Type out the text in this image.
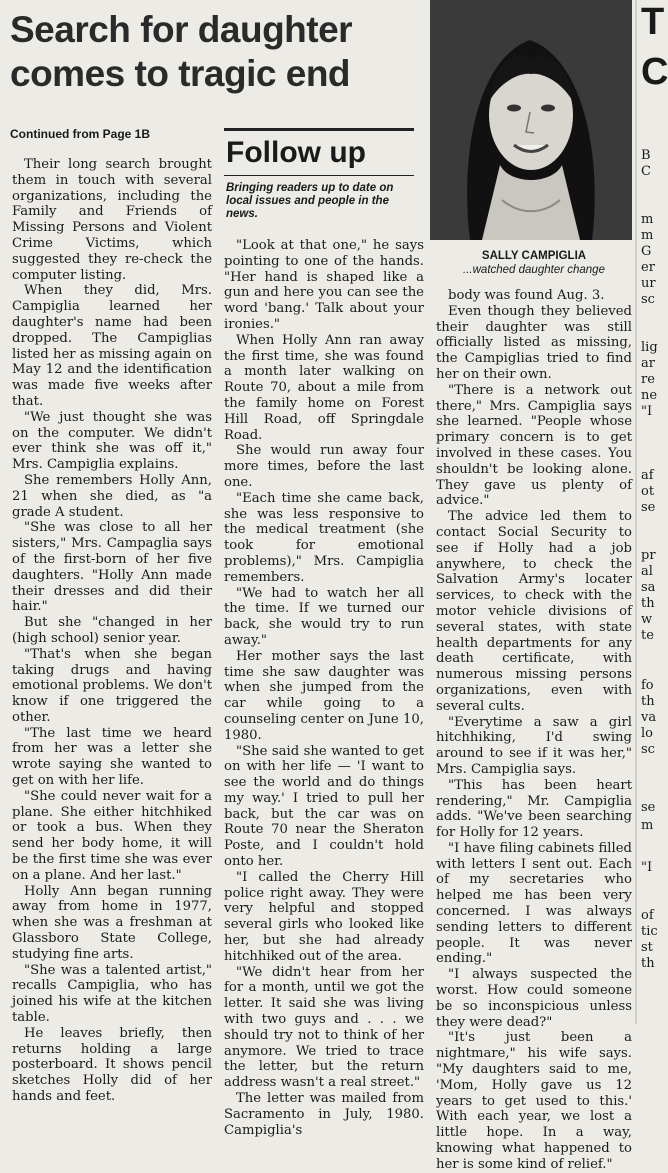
Search for daughter comes to tragic end
Continued from Page 1B

Their long search brought them in touch with several organizations, including the Family and Friends of Missing Persons and Violent Crime Victims, which suggested they re-check the computer listing.

When they did, Mrs. Campiglia learned her daughter's name had been dropped. The Campiglias listed her as missing again on May 12 and the identification was made five weeks after that.

"We just thought she was on the computer. We didn't ever think she was off it," Mrs. Campiglia explains.

She remembers Holly Ann, 21 when she died, as "a grade A student.

"She was close to all her sisters," Mrs. Campagliа says of the first-born of her five daughters. "Holly Ann made their dresses and did their hair."

But she "changed in her (high school) senior year.

"That's when she began taking drugs and having emotional problems. We don't know if one triggered the other.

"The last time we heard from her was a letter she wrote saying she wanted to get on with her life.

"She could never wait for a plane. She either hitchhiked or took a bus. When they send her body home, it will be the first time she was ever on a plane. And her last."

Holly Ann began running away from home in 1977, when she was a freshman at Glassboro State College, studying fine arts.

"She was a talented artist," recalls Campiglia, who has joined his wife at the kitchen table.

He leaves briefly, then returns holding a large posterboard. It shows pencil sketches Holly did of her hands and feet.

Follow up
Bringing readers up to date on local issues and people in the news.

"Look at that one," he says pointing to one of the hands. "Her hand is shaped like a gun and here you can see the word 'bang.' Talk about your ironies."

When Holly Ann ran away the first time, she was found a month later walking on Route 70, about a mile from the family home on Forest Hill Road, off Springdale Road.

She would run away four more times, before the last one.

"Each time she came back, she was less responsive to the medical treatment (she took for emotional problems)," Mrs. Campiglia remembers.

"We had to watch her all the time. If we turned our back, she would try to run away."

Her mother says the last time she saw daughter was when she jumped from the car while going to a counseling center on June 10, 1980.

"She said she wanted to get on with her life — 'I want to see the world and do things my way.' I tried to pull her back, but the car was on Route 70 near the Sheraton Poste, and I couldn't hold onto her.

"I called the Cherry Hill police right away. They were very helpful and stopped several girls who looked like her, but she had already hitchhiked out of the area.

"We didn't hear from her for a month, until we got the letter. It said she was living with two guys and . . . we should try not to think of her anymore. We tried to trace the letter, but the return address wasn't a real street."

The letter was mailed from Sacramento in July, 1980. Campiglia's

SALLY CAMPIGLIA
...watched daughter change

body was found Aug. 3.

Even though they believed their daughter was still officially listed as missing, the Campiglias tried to find her on their own.

"There is a network out there," Mrs. Campiglia says she learned. "People whose primary concern is to get involved in these cases. You shouldn't be looking alone. They gave us plenty of advice."

The advice led them to contact Social Security to see if Holly had a job anywhere, to check the Salvation Army's locater services, to check with the motor vehicle divisions of several states, with state health departments for any death certificate, with numerous missing persons organizations, even with several cults.

"Everytime a saw a girl hitchhiking, I'd swing around to see if it was her," Mrs. Campiglia says.

"This has been heart rendering," Mr. Campiglia adds. "We've been searching for Holly for 12 years.

"I have filing cabinets filled with letters I sent out. Each of my secretaries who helped me has been very concerned. I was always sending letters to different people. It was never ending."

"I always suspected the worst. How could someone be so inconspicious unless they were dead?"

"It's just been a nightmare," his wife says. "My daughters said to me, 'Mom, Holly gave us 12 years to get used to this.' With each year, we lost a little hope. In a way, knowing what happened to her is some kind of relief."

T
C
B
C
m
m
G
er
ur
sc
lig
ar
re
ne
"I
af
ot
se
pr
al
sa
th
w
te
fo
th
va
lo
sc
se
m
"I
of
tic
st
th
